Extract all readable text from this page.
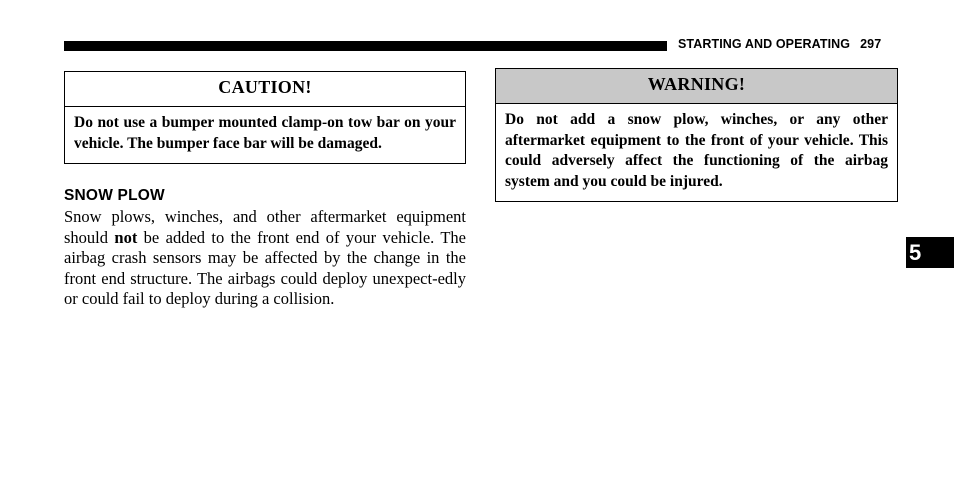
STARTING AND OPERATING 297
CAUTION!
Do not use a bumper mounted clamp-on tow bar on your vehicle. The bumper face bar will be damaged.
SNOW PLOW
Snow plows, winches, and other aftermarket equipment should not be added to the front end of your vehicle. The airbag crash sensors may be affected by the change in the front end structure. The airbags could deploy unexpect-edly or could fail to deploy during a collision.
WARNING!
Do not add a snow plow, winches, or any other aftermarket equipment to the front of your vehicle. This could adversely affect the functioning of the airbag system and you could be injured.
5
